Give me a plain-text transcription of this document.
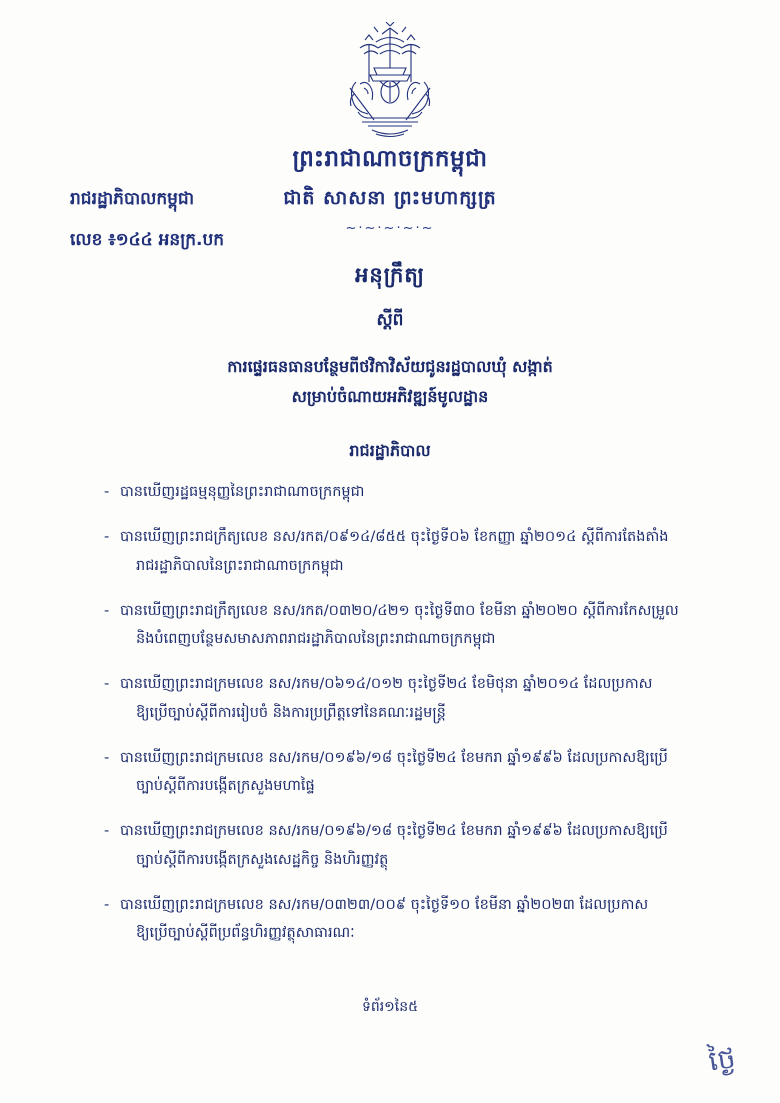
ព្រះរាជាណាចក្រកម្ពុជា
ជាតិ សាសនា ព្រះមហាក្សត្រ
~·~·~·~·~
រាជរដ្ឋាភិបាលកម្ពុជា
លេខ ៖១៤៤ អនក្រ.បក
អនុក្រឹត្យ
ស្ដីពី
ការផ្ទេរធនធានបន្ថែមពីថវិកាវិស័យជូនរដ្ឋបាលឃុំ សង្កាត់
សម្រាប់ចំណាយអភិវឌ្ឍន៍មូលដ្ឋាន
រាជរដ្ឋាភិបាល
- បានឃើញរដ្ឋធម្មនុញ្ញនៃព្រះរាជាណាចក្រកម្ពុជា
- បានឃើញព្រះរាជក្រឹត្យលេខ នស/រកត/០៩១៤/៨៥៥ ចុះថ្ងៃទី០៦ ខែកញ្ញា ឆ្នាំ២០១៤ ស្ដីពីការតែងតាំង
រាជរដ្ឋាភិបាលនៃព្រះរាជាណាចក្រកម្ពុជា
- បានឃើញព្រះរាជក្រឹត្យលេខ នស/រកត/០៣២០/៤២១ ចុះថ្ងៃទី៣០ ខែមីនា ឆ្នាំ២០២០ ស្ដីពីការកែសម្រួល
និងបំពេញបន្ថែមសមាសភាពរាជរដ្ឋាភិបាលនៃព្រះរាជាណាចក្រកម្ពុជា
- បានឃើញព្រះរាជក្រមលេខ នស/រកម/០៦១៤/០១២ ចុះថ្ងៃទី២៤ ខែមិថុនា ឆ្នាំ២០១៤ ដែលប្រកាស
ឱ្យប្រើច្បាប់ស្ដីពីការរៀបចំ និងការប្រព្រឹត្តទៅនៃគណៈរដ្ឋមន្ត្រី
- បានឃើញព្រះរាជក្រមលេខ នស/រកម/០១៩៦/១៨ ចុះថ្ងៃទី២៤ ខែមករា ឆ្នាំ១៩៩៦ ដែលប្រកាសឱ្យប្រើ
ច្បាប់ស្ដីពីការបង្កើតក្រសួងមហាផ្ទៃ
- បានឃើញព្រះរាជក្រមលេខ នស/រកម/០១៩៦/១៨ ចុះថ្ងៃទី២៤ ខែមករា ឆ្នាំ១៩៩៦ ដែលប្រកាសឱ្យប្រើ
ច្បាប់ស្ដីពីការបង្កើតក្រសួងសេដ្ឋកិច្ច និងហិរញ្ញវត្ថុ
- បានឃើញព្រះរាជក្រមលេខ នស/រកម/០៣២៣/០០៩ ចុះថ្ងៃទី១០ ខែមីនា ឆ្នាំ២០២៣ ដែលប្រកាស
ឱ្យប្រើច្បាប់ស្ដីពីប្រព័ន្ធហិរញ្ញវត្ថុសាធារណៈ
ទំព័រ១នៃ៥
ថ្ងៃ
